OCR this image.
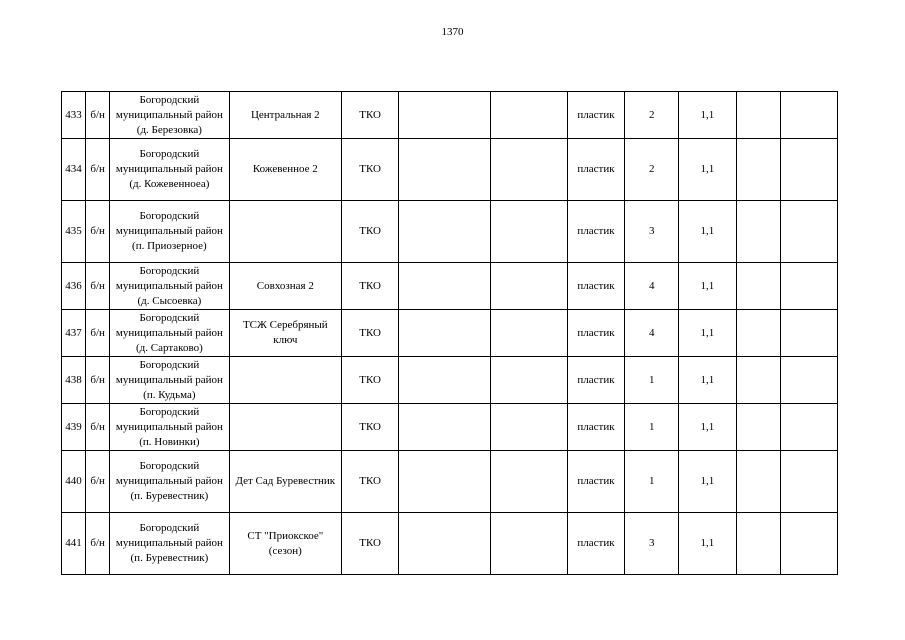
1370
433	б/н	Богородский
муниципальный район
(д. Березовка)	Центральная 2	ТКО			пластик	2	1,1		
434	б/н	Богородский
муниципальный район
(д. Кожевенноеа)	Кожевенное 2	ТКО			пластик	2	1,1		
435	б/н	Богородский
муниципальный район
(п. Приозерное)		ТКО			пластик	3	1,1		
436	б/н	Богородский
муниципальный район
(д. Сысоевка)	Совхозная 2	ТКО			пластик	4	1,1		
437	б/н	Богородский
муниципальный район
(д. Сартаково)	ТСЖ Серебряный ключ	ТКО			пластик	4	1,1		
438	б/н	Богородский
муниципальный район
(п. Кудьма)		ТКО			пластик	1	1,1		
439	б/н	Богородский
муниципальный район
(п. Новинки)		ТКО			пластик	1	1,1		
440	б/н	Богородский
муниципальный район
(п. Буревестник)	Дет Сад Буревестник	ТКО			пластик	1	1,1		
441	б/н	Богородский
муниципальный район
(п. Буревестник)	СТ "Приокское" (сезон)	ТКО			пластик	3	1,1		
